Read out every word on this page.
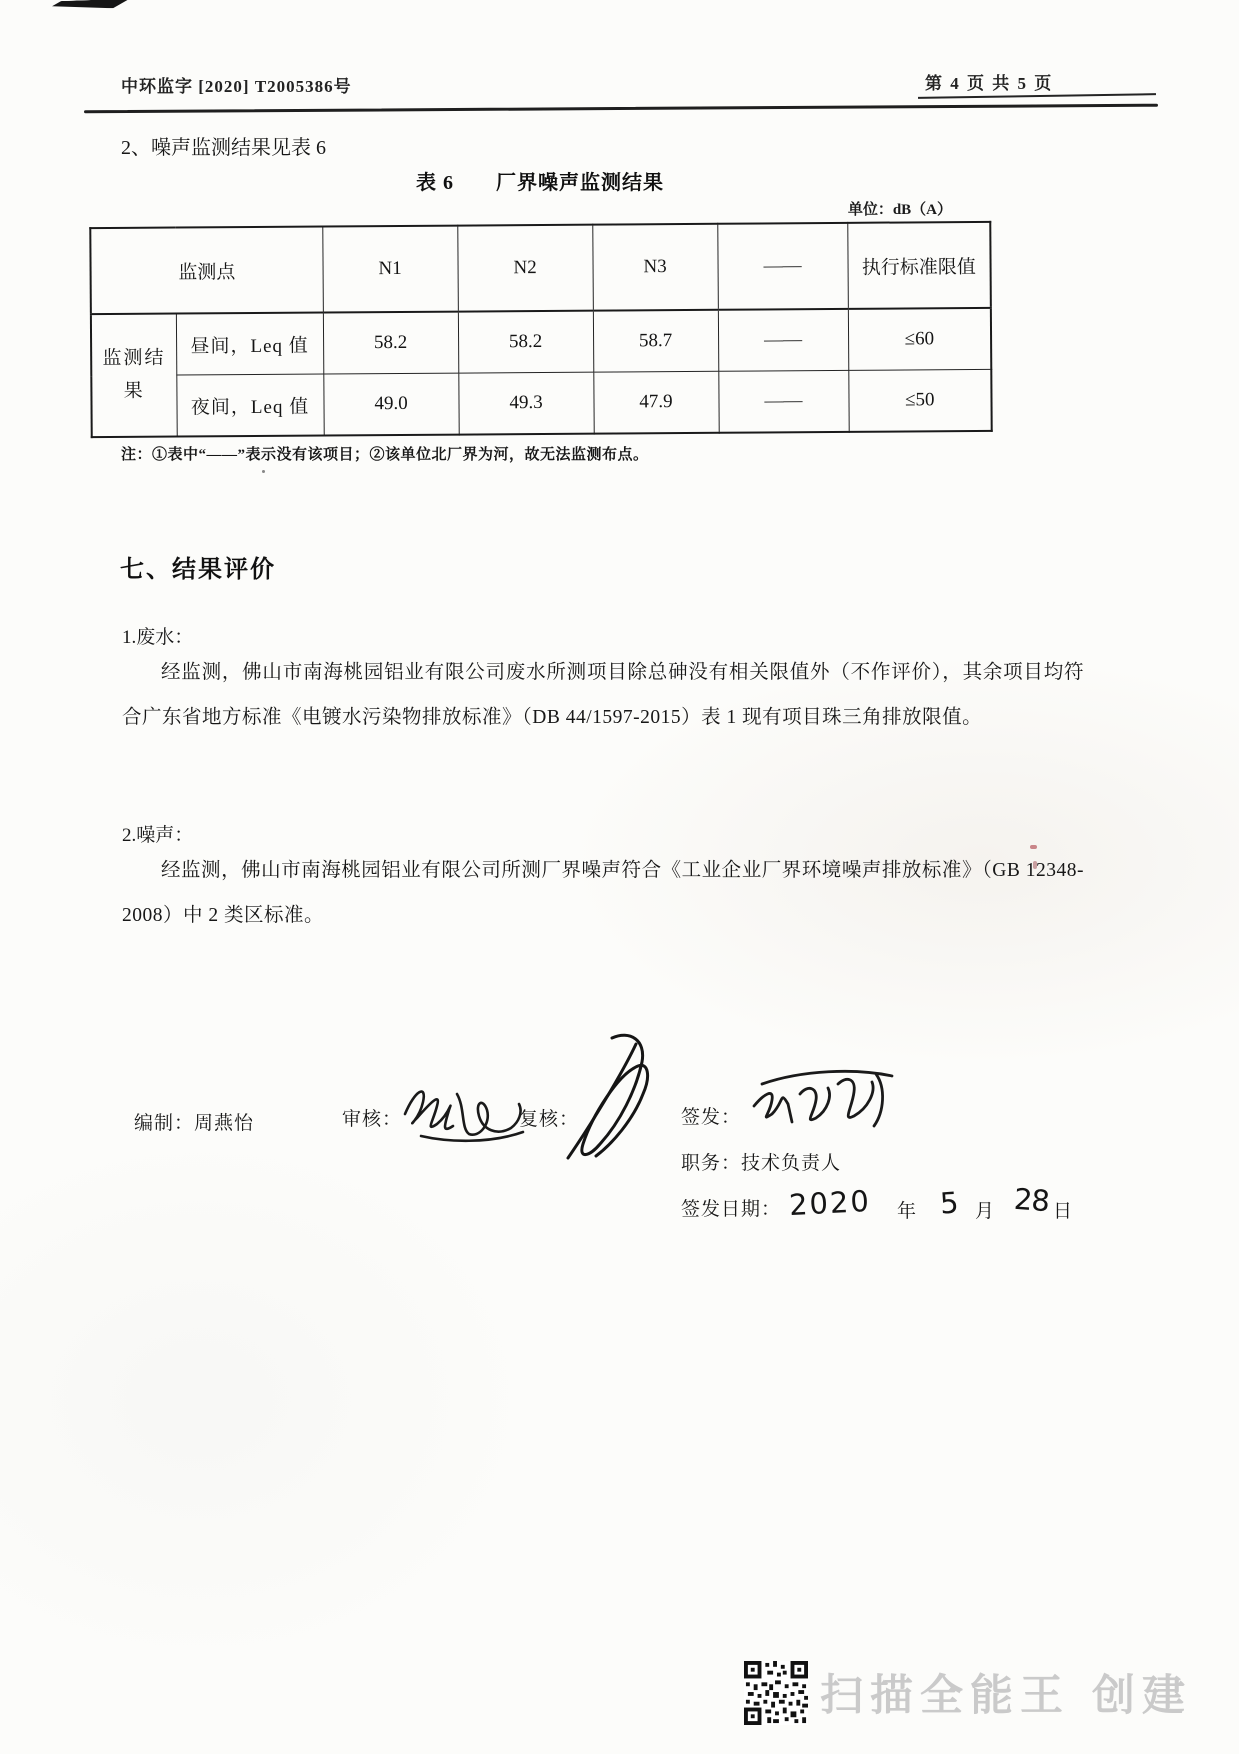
中环监字 [2020] T2005386号	第 4 页 共 5 页
2、噪声监测结果见表 6
表 6　　厂界噪声监测结果
单位：dB（A）
监测点		N1	N2	N3	——	执行标准限值
监测结果	昼间，Leq 值	58.2	58.2	58.7	——	≤60
	夜间，Leq 值	49.0	49.3	47.9	——	≤50
注：①表中“——”表示没有该项目；②该单位北厂界为河，故无法监测布点。
七、结果评价
1.废水：
经监测，佛山市南海桃园铝业有限公司废水所测项目除总砷没有相关限值外（不作评价），其余项目均符合广东省地方标准《电镀水污染物排放标准》（DB 44/1597-2015）表 1 现有项目珠三角排放限值。
2.噪声：
经监测，佛山市南海桃园铝业有限公司所测厂界噪声符合《工业企业厂界环境噪声排放标准》（GB 12348-2008）中 2 类区标准。
编制：周燕怡	审核：	复核：	签发：
职务：技术负责人
签发日期： 2020 年 5 月 28 日
扫描全能王 创建
